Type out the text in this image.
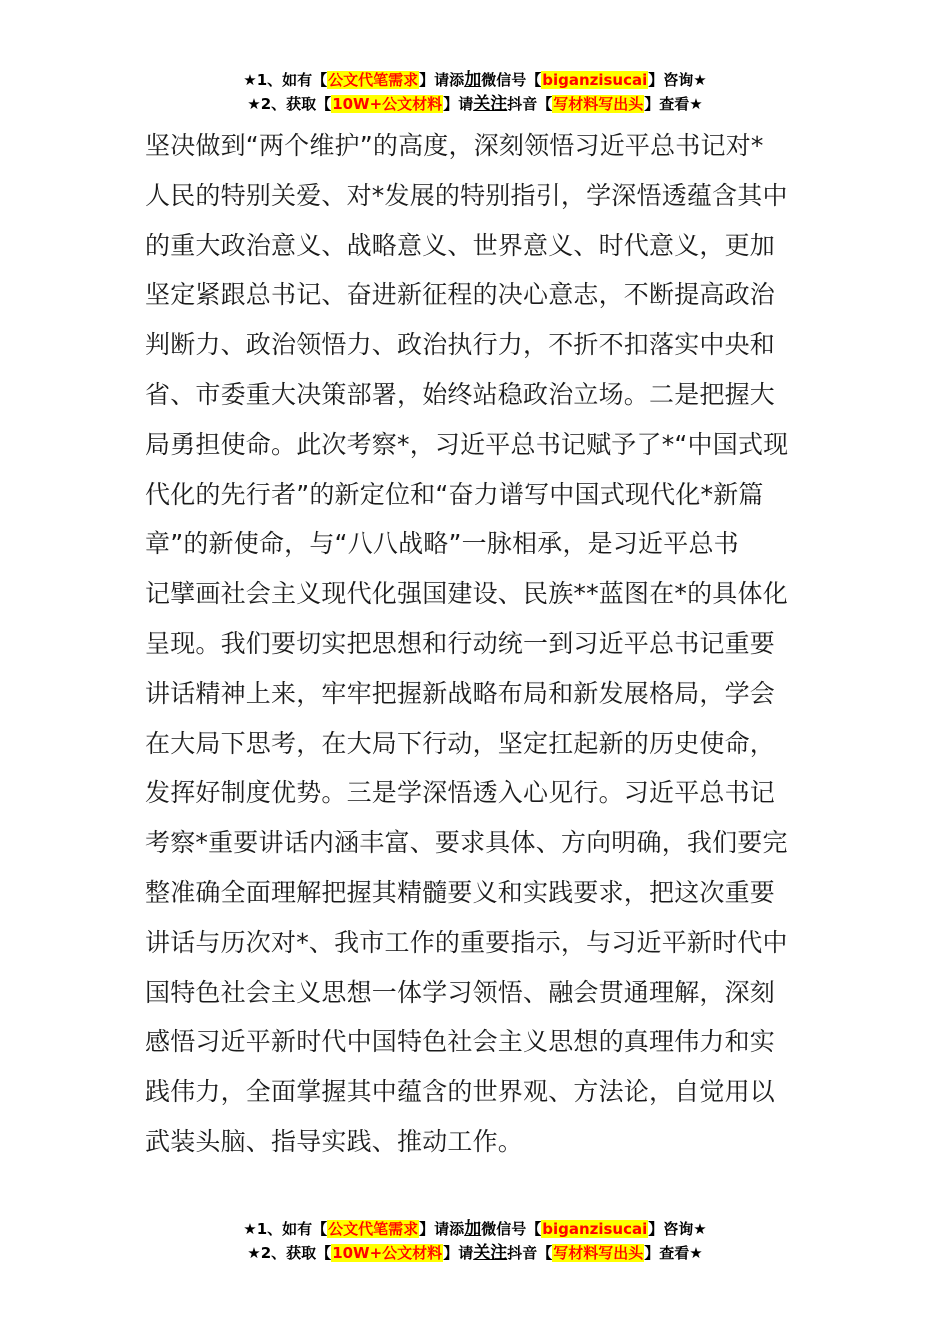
★1、如有【公文代笔需求】请添加微信号【biganzisucai】咨询★
★2、获取【10W+公文材料】请关注抖音【写材料写出头】查看★
坚决做到“两个维护”的高度，深刻领悟习近平总书记对*
人民的特别关爱、对*发展的特别指引，学深悟透蕴含其中
的重大政治意义、战略意义、世界意义、时代意义，更加
坚定紧跟总书记、奋进新征程的决心意志，不断提高政治
判断力、政治领悟力、政治执行力，不折不扣落实中央和
省、市委重大决策部署，始终站稳政治立场。二是把握大
局勇担使命。此次考察*，习近平总书记赋予了*“中国式现
代化的先行者”的新定位和“奋力谱写中国式现代化*新篇
章”的新使命，与“八八战略”一脉相承，是习近平总书
记擘画社会主义现代化强国建设、民族**蓝图在*的具体化
呈现。我们要切实把思想和行动统一到习近平总书记重要
讲话精神上来，牢牢把握新战略布局和新发展格局，学会
在大局下思考，在大局下行动，坚定扛起新的历史使命，
发挥好制度优势。三是学深悟透入心见行。习近平总书记
考察*重要讲话内涵丰富、要求具体、方向明确，我们要完
整准确全面理解把握其精髓要义和实践要求，把这次重要
讲话与历次对*、我市工作的重要指示，与习近平新时代中
国特色社会主义思想一体学习领悟、融会贯通理解，深刻
感悟习近平新时代中国特色社会主义思想的真理伟力和实
践伟力，全面掌握其中蕴含的世界观、方法论，自觉用以
武装头脑、指导实践、推动工作。
★1、如有【公文代笔需求】请添加微信号【biganzisucai】咨询★
★2、获取【10W+公文材料】请关注抖音【写材料写出头】查看★
